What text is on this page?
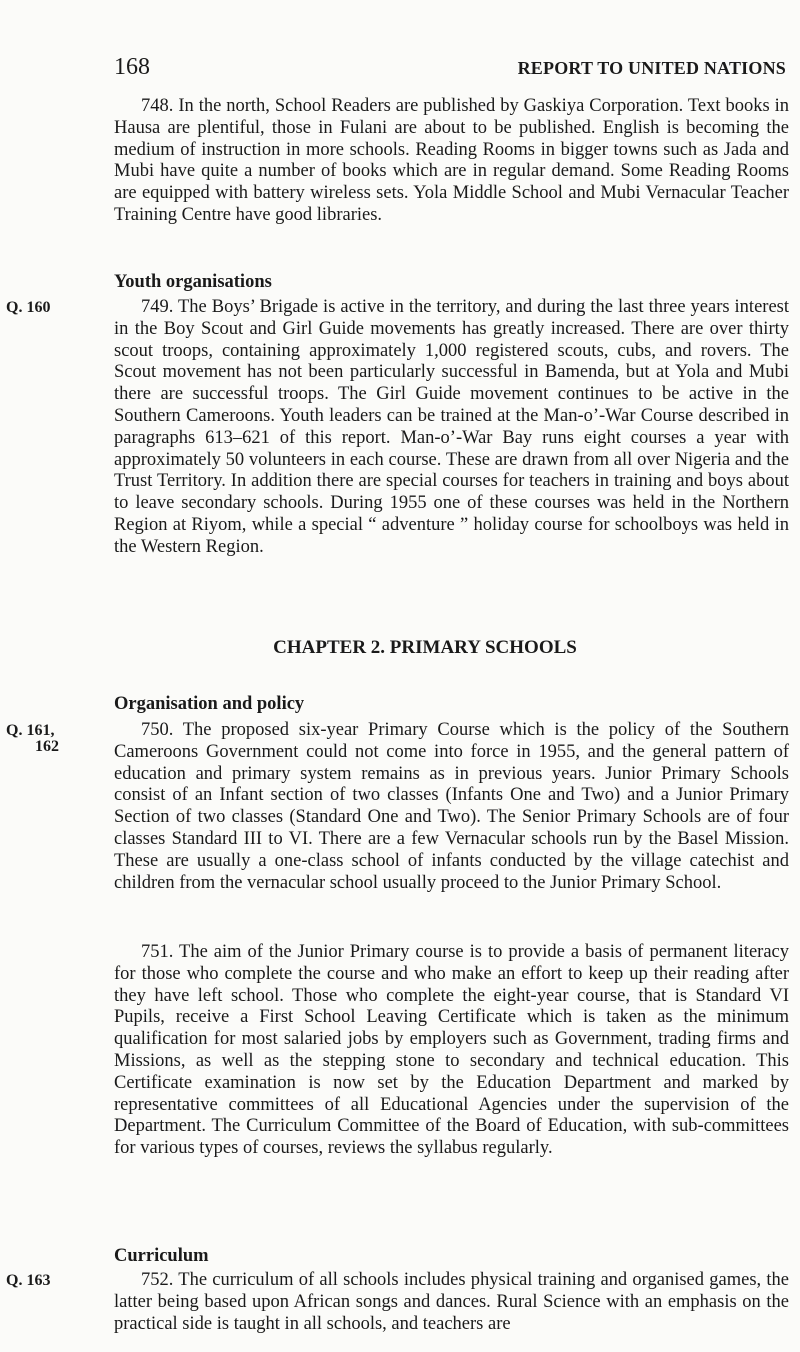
168	REPORT TO UNITED NATIONS

748. In the north, School Readers are published by Gaskiya Corporation. Text books in Hausa are plentiful, those in Fulani are about to be published. English is becoming the medium of instruction in more schools. Reading Rooms in bigger towns such as Jada and Mubi have quite a number of books which are in regular demand. Some Reading Rooms are equipped with battery wireless sets. Yola Middle School and Mubi Vernacular Teacher Training Centre have good libraries.

Youth organisations
Q. 160	749. The Boys’ Brigade is active in the territory, and during the last three years interest in the Boy Scout and Girl Guide movements has greatly increased. There are over thirty scout troops, containing approximately 1,000 registered scouts, cubs, and rovers. The Scout movement has not been particularly successful in Bamenda, but at Yola and Mubi there are successful troops. The Girl Guide movement continues to be active in the Southern Cameroons. Youth leaders can be trained at the Man-o’-War Course described in paragraphs 613–621 of this report. Man-o’-War Bay runs eight courses a year with approximately 50 volunteers in each course. These are drawn from all over Nigeria and the Trust Territory. In addition there are special courses for teachers in training and boys about to leave secondary schools. During 1955 one of these courses was held in the Northern Region at Riyom, while a special “ adventure ” holiday course for schoolboys was held in the Western Region.

CHAPTER 2. PRIMARY SCHOOLS
Organisation and policy
Q. 161,
162

750. The proposed six-year Primary Course which is the policy of the Southern Cameroons Government could not come into force in 1955, and the general pattern of education and primary system remains as in previous years. Junior Primary Schools consist of an Infant section of two classes (Infants One and Two) and a Junior Primary Section of two classes (Standard One and Two). The Senior Primary Schools are of four classes Standard III to VI. There are a few Vernacular schools run by the Basel Mission. These are usually a one-class school of infants conducted by the village catechist and children from the vernacular school usually proceed to the Junior Primary School.

751. The aim of the Junior Primary course is to provide a basis of permanent literacy for those who complete the course and who make an effort to keep up their reading after they have left school. Those who complete the eight-year course, that is Standard VI Pupils, receive a First School Leaving Certificate which is taken as the minimum qualification for most salaried jobs by employers such as Government, trading firms and Missions, as well as the stepping stone to secondary and technical education. This Certificate examination is now set by the Education Department and marked by representative committees of all Educational Agencies under the supervision of the Department. The Curriculum Committee of the Board of Education, with sub-committees for various types of courses, reviews the syllabus regularly.

Curriculum
Q. 163	752. The curriculum of all schools includes physical training and organised games, the latter being based upon African songs and dances. Rural Science with an emphasis on the practical side is taught in all schools, and teachers are
